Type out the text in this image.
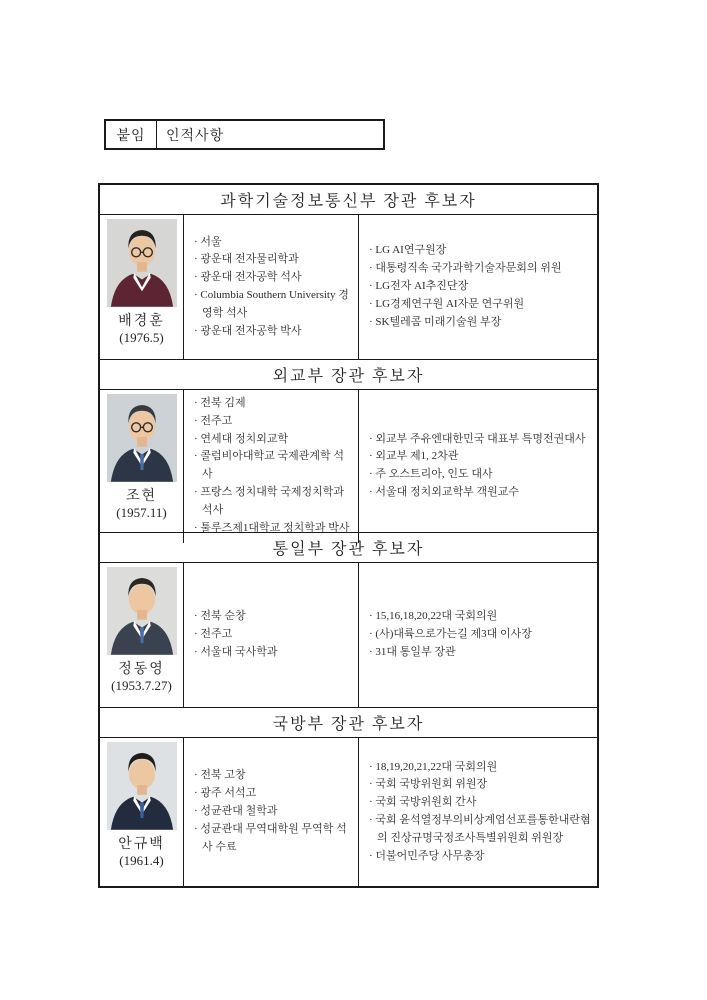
붙임	인적사항
과학기술정보통신부 장관 후보자
배경훈
(1976.5)
· 서울
· 광운대 전자물리학과
· 광운대 전자공학 석사
· Columbia Southern University 경영학 석사
· 광운대 전자공학 박사
· LG AI연구원장
· 대통령직속 국가과학기술자문회의 위원
· LG전자 AI추진단장
· LG경제연구원 AI자문 연구위원
· SK텔레콤 미래기술원 부장
외교부 장관 후보자
조현
(1957.11)
· 전북 김제
· 전주고
· 연세대 정치외교학
· 콜럼비아대학교 국제관계학 석사
· 프랑스 정치대학 국제정치학과 석사
· 툴루즈제1대학교 정치학과 박사
· 외교부 주유엔대한민국 대표부 특명전권대사
· 외교부 제1, 2차관
· 주 오스트리아, 인도 대사
· 서울대 정치외교학부 객원교수
통일부 장관 후보자
정동영
(1953.7.27)
· 전북 순창
· 전주고
· 서울대 국사학과
· 15,16,18,20,22대 국회의원
· (사)대륙으로가는길 제3대 이사장
· 31대 통일부 장관
국방부 장관 후보자
안규백
(1961.4)
· 전북 고창
· 광주 서석고
· 성균관대 철학과
· 성균관대 무역대학원 무역학 석사 수료
· 18,19,20,21,22대 국회의원
· 국회 국방위원회 위원장
· 국회 국방위원회 간사
· 국회 윤석열정부의비상계엄선포를통한내란혐의 진상규명국정조사특별위원회 위원장
· 더불어민주당 사무총장
